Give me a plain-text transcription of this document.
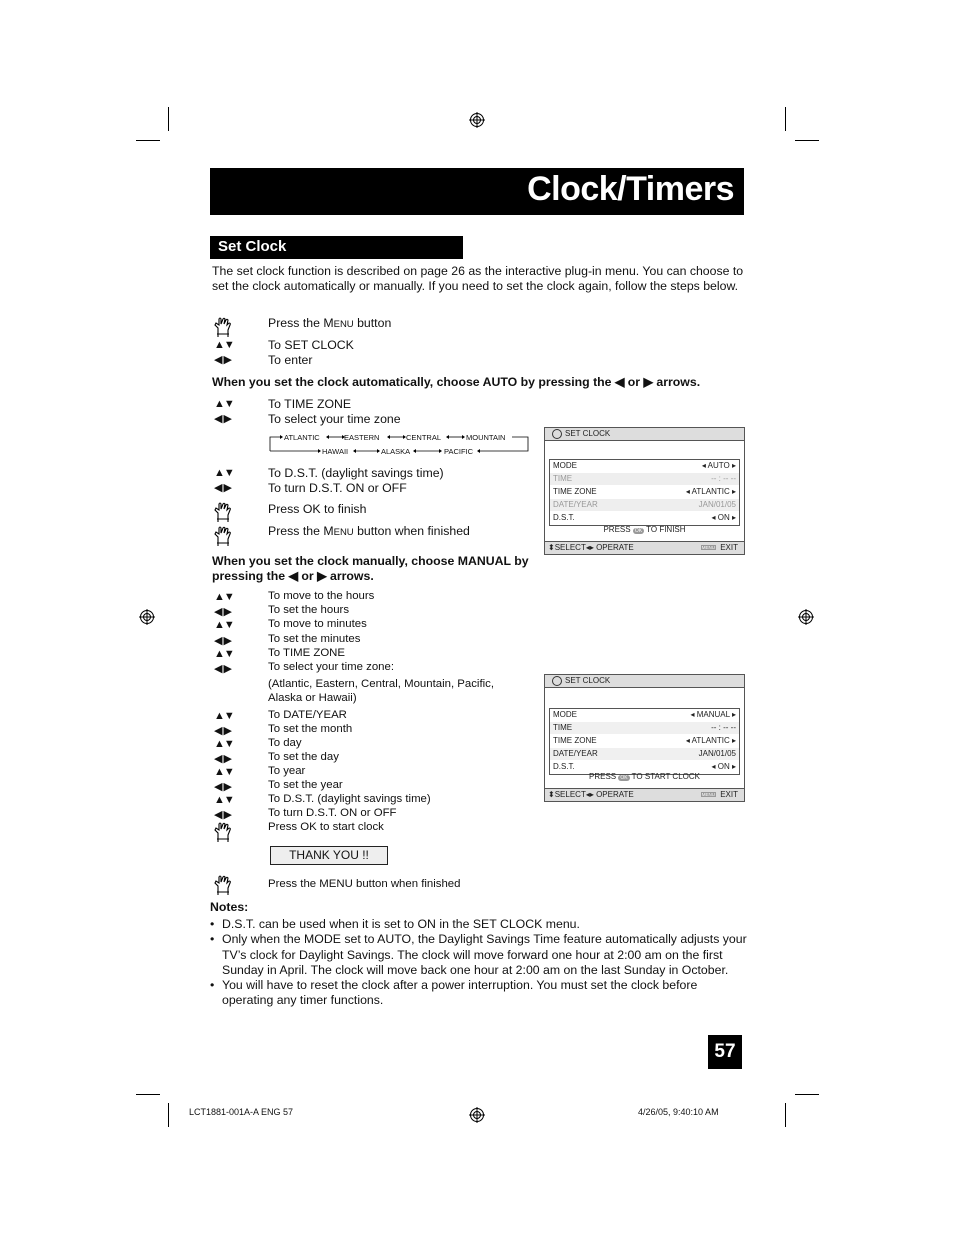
Clock/Timers
Set Clock
The set clock function is described on page 26 as the interactive plug-in menu. You can choose to set the clock automatically or manually. If you need to set the clock again, follow the steps below.
Press the MENU button
▲▼	To SET CLOCK
◀ ▶	To enter
When you set the clock automatically, choose AUTO by pressing the ◀ or ▶ arrows.
▲▼	To TIME ZONE
◀ ▶	To select your time zone
ATLANTIC	EASTERN	CENTRAL	MOUNTAIN
HAWAII	ALASKA	PACIFIC
▲▼	To D.S.T. (daylight savings time)
◀ ▶	To turn D.S.T. ON or OFF
Press OK to finish
Press the MENU button when finished
SET CLOCK
MODE	◂ AUTO ▸
TIME	-- : -- --
TIME ZONE	◂ ATLANTIC ▸
DATE/YEAR	JAN/01/05
D.S.T.	◂ ON ▸
PRESS OK TO FINISH
⬍SELECT◂▸ OPERATE	MENU EXIT
When you set the clock manually, choose MANUAL by
pressing the ◀ or ▶ arrows.
▲▼	To move to the hours
◀ ▶	To set the hours
▲▼	To move to minutes
◀ ▶	To set the minutes
▲▼	To TIME ZONE
◀ ▶	To select your time zone:
(Atlantic, Eastern, Central, Mountain, Pacific,
Alaska or Hawaii)
▲▼	To DATE/YEAR
◀ ▶	To set the month
▲▼	To day
◀ ▶	To set the day
▲▼	To year
◀ ▶	To set the year
▲▼	To D.S.T. (daylight savings time)
◀ ▶	To turn D.S.T. ON or OFF
Press OK to start clock
THANK YOU !!
Press the MENU button when finished
SET CLOCK
MODE	◂ MANUAL ▸
TIME	-- : -- --
TIME ZONE	◂ ATLANTIC ▸
DATE/YEAR	JAN/01/05
D.S.T.	◂ ON ▸
PRESS OK TO START CLOCK
⬍SELECT◂▸ OPERATE	MENU EXIT
Notes:
• D.S.T. can be used when it is set to ON in the SET CLOCK menu.
• Only when the MODE set to AUTO, the Daylight Savings Time feature automatically adjusts your TV’s clock for Daylight Savings. The clock will move forward one hour at 2:00 am on the first Sunday in April. The clock will move back one hour at 2:00 am on the last Sunday in October.
• You will have to reset the clock after a power interruption. You must set the clock before operating any timer functions.
57
LCT1881-001A-A ENG 57	4/26/05, 9:40:10 AM
